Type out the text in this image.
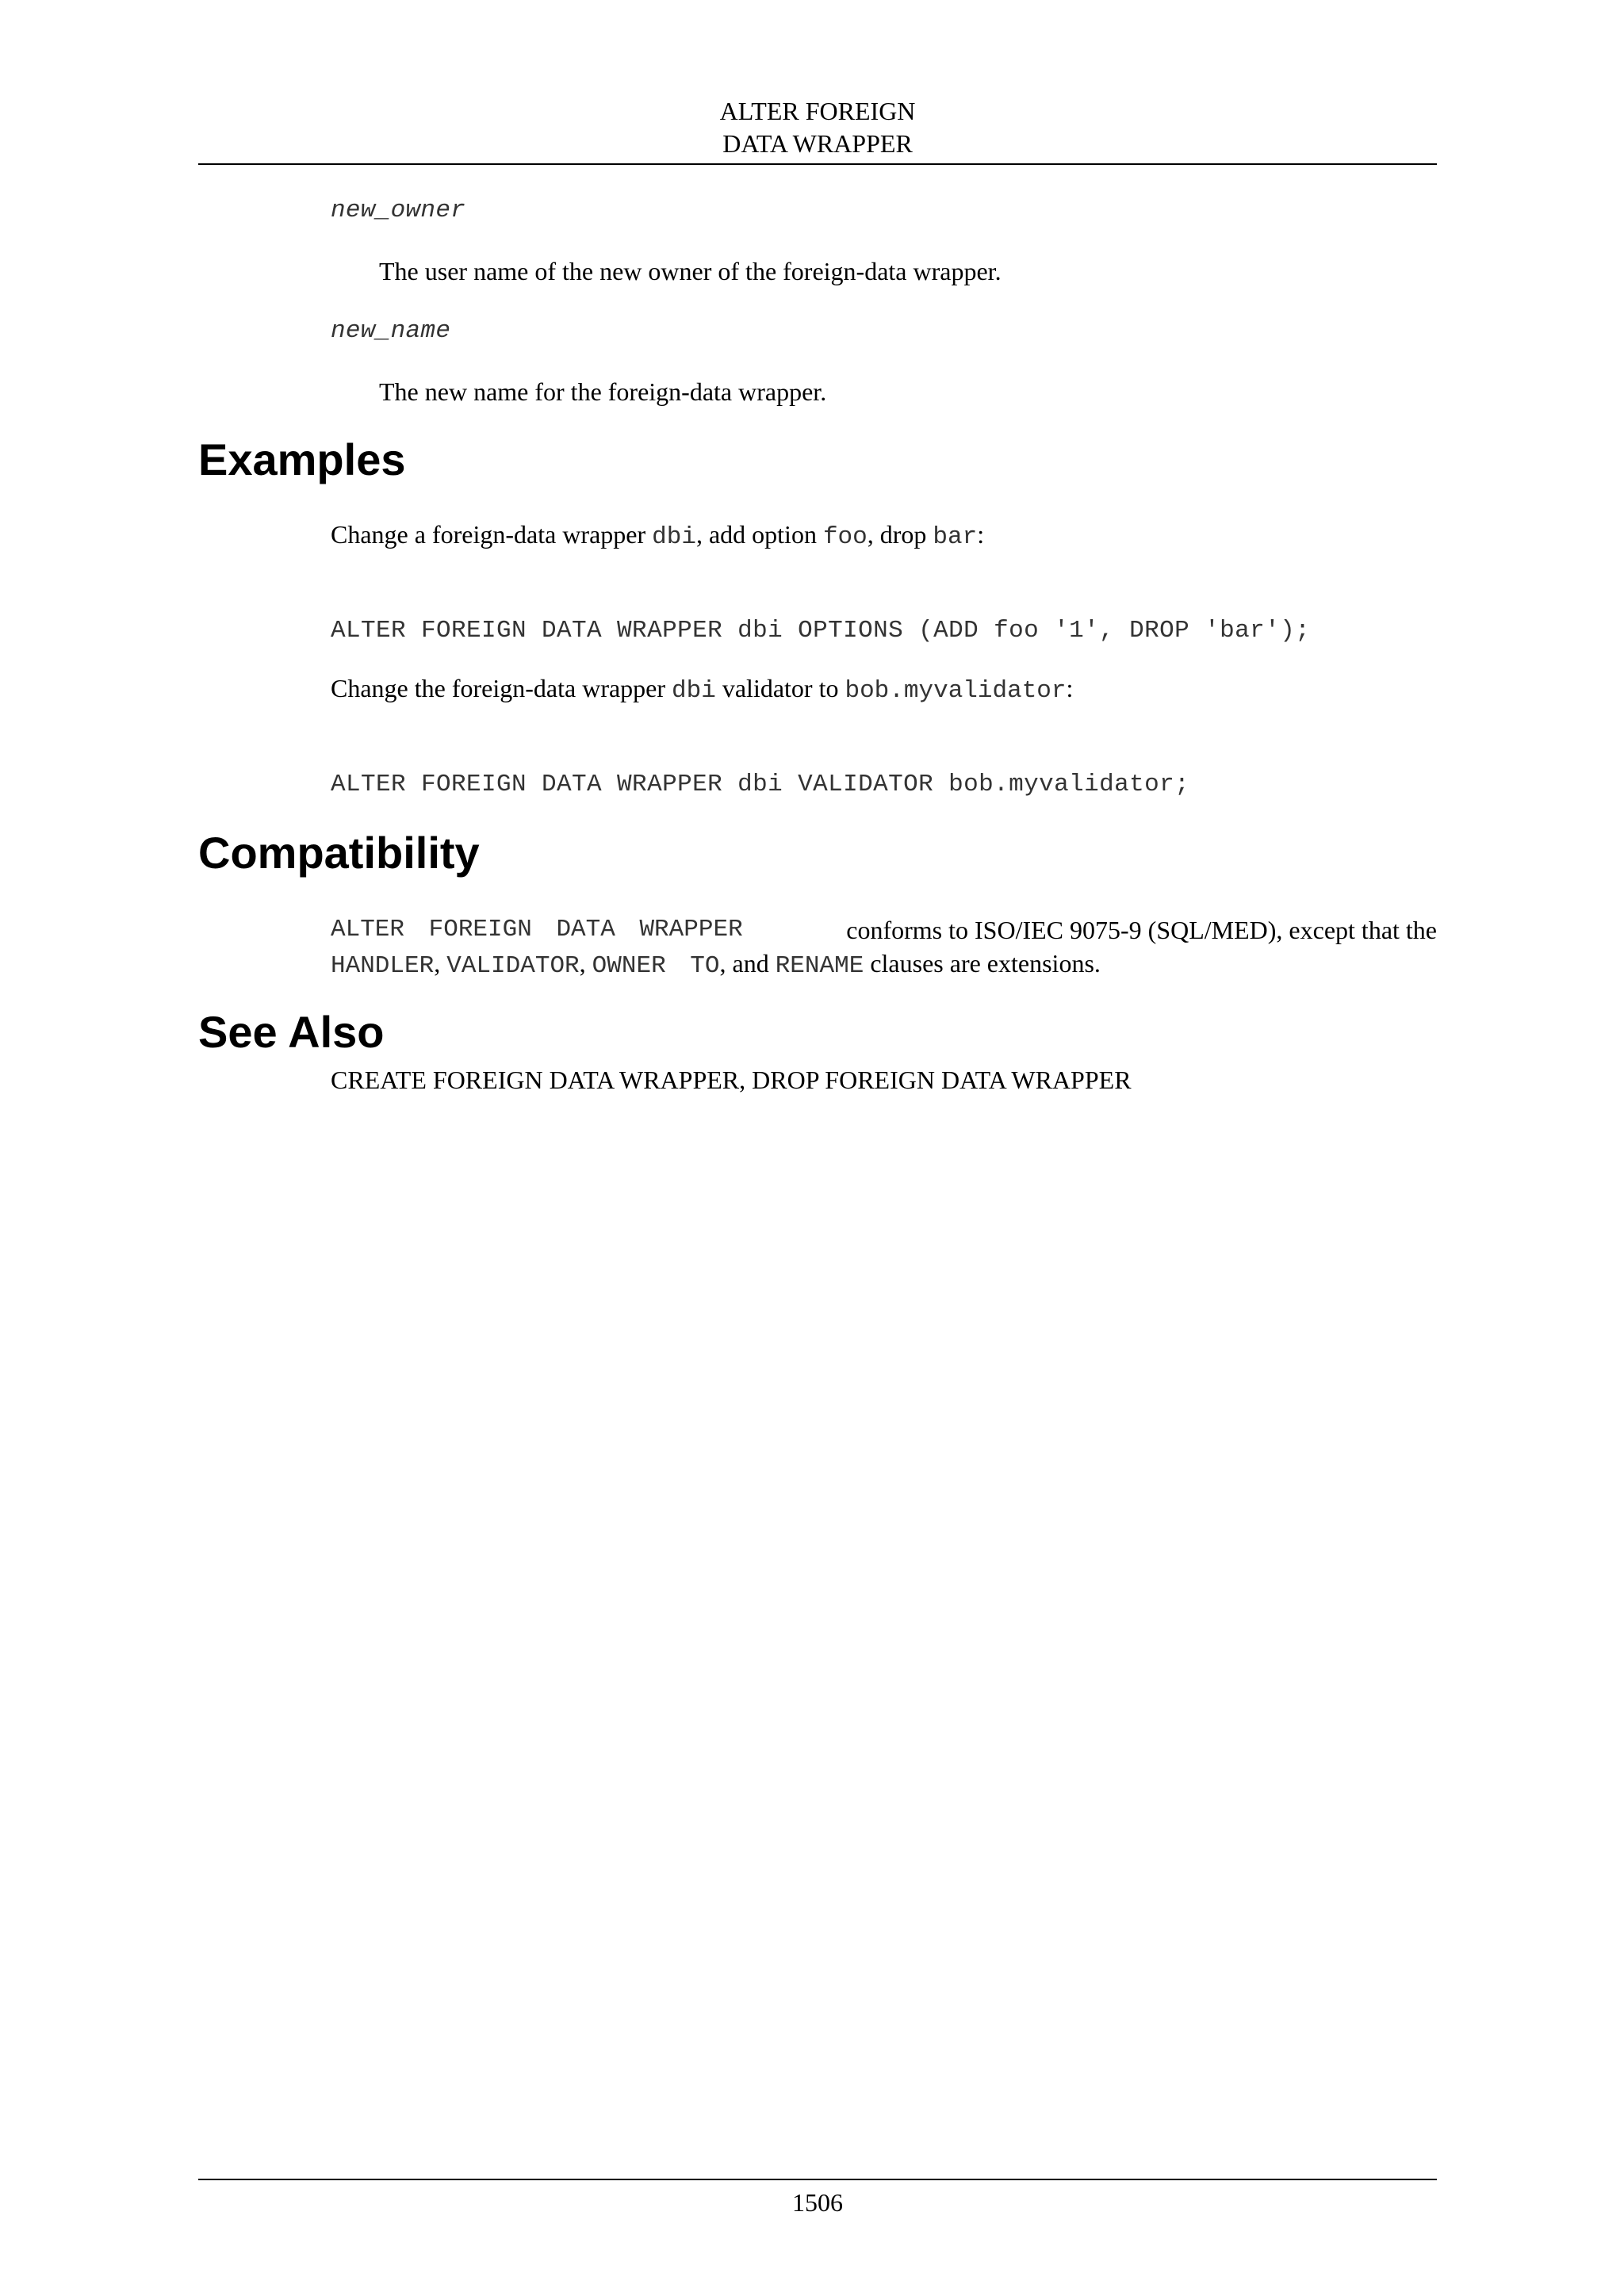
ALTER FOREIGN
DATA WRAPPER
new_owner
The user name of the new owner of the foreign-data wrapper.
new_name
The new name for the foreign-data wrapper.
Examples
Change a foreign-data wrapper dbi, add option foo, drop bar:
ALTER FOREIGN DATA WRAPPER dbi OPTIONS (ADD foo '1', DROP 'bar');
Change the foreign-data wrapper dbi validator to bob.myvalidator:
ALTER FOREIGN DATA WRAPPER dbi VALIDATOR bob.myvalidator;
Compatibility
ALTER FOREIGN DATA WRAPPER	conforms to ISO/IEC 9075-9 (SQL/MED), except that the
HANDLER, VALIDATOR, OWNER TO, and RENAME clauses are extensions.
See Also
CREATE FOREIGN DATA WRAPPER, DROP FOREIGN DATA WRAPPER
1506
